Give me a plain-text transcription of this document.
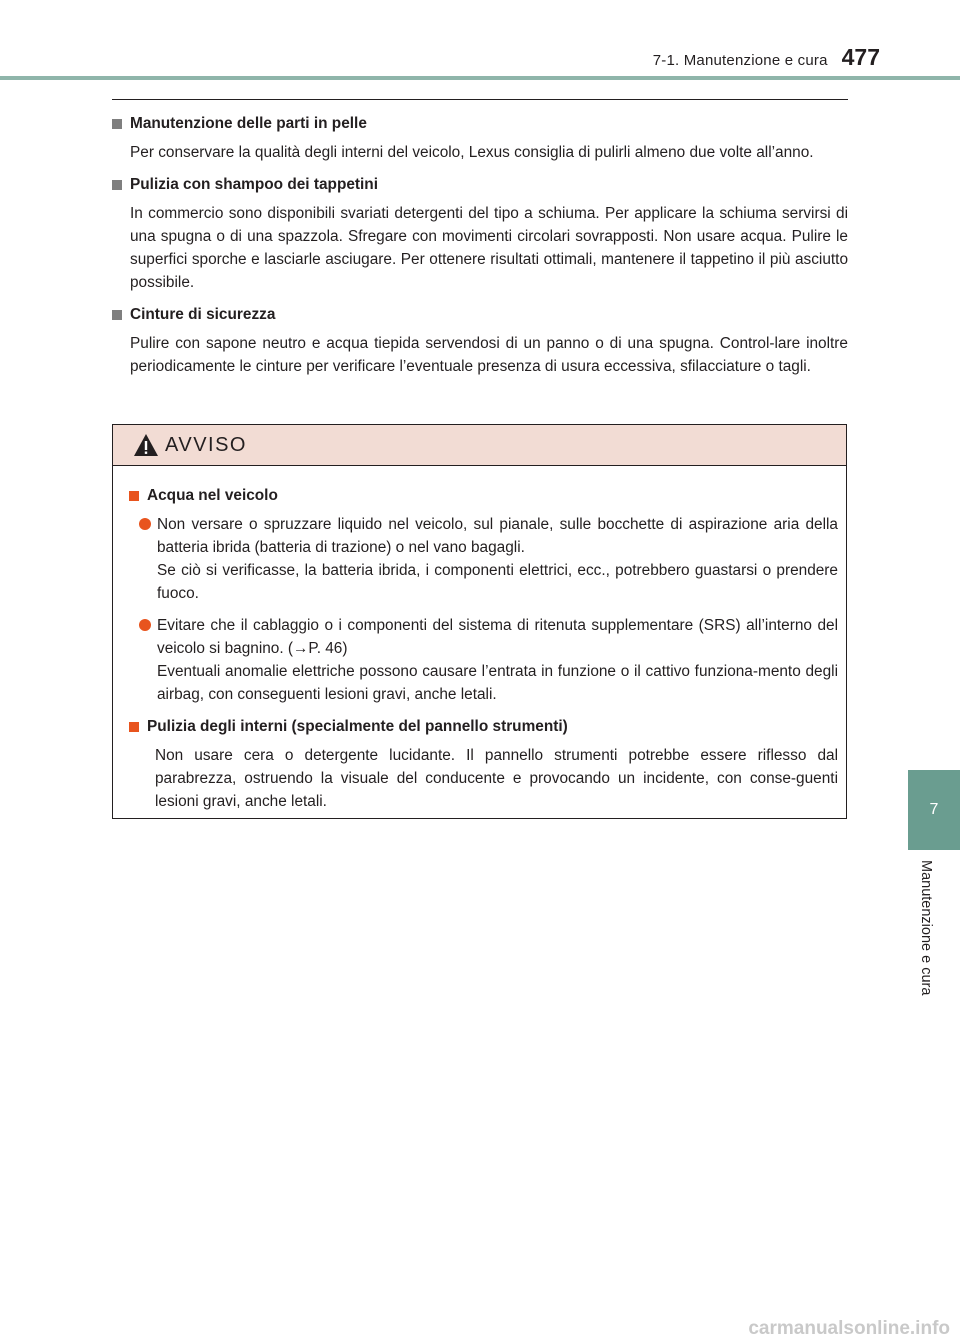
7-1. Manutenzione e cura 477
Manutenzione delle parti in pelle

Per conservare la qualità degli interni del veicolo, Lexus consiglia di pulirli almeno due volte all’anno.

Pulizia con shampoo dei tappetini

In commercio sono disponibili svariati detergenti del tipo a schiuma. Per applicare la schiuma servirsi di una spugna o di una spazzola. Sfregare con movimenti circolari sovrapposti. Non usare acqua. Pulire le superfici sporche e lasciarle asciugare. Per ottenere risultati ottimali, mantenere il tappetino il più asciutto possibile.

Cinture di sicurezza

Pulire con sapone neutro e acqua tiepida servendosi di un panno o di una spugna. Control-lare inoltre periodicamente le cinture per verificare l’eventuale presenza di usura eccessiva, sfilacciature o tagli.

AVVISO
Acqua nel veicolo
Non versare o spruzzare liquido nel veicolo, sul pianale, sulle bocchette di aspirazione aria della batteria ibrida (batteria di trazione) o nel vano bagagli.
Se ciò si verificasse, la batteria ibrida, i componenti elettrici, ecc., potrebbero guastarsi o prendere fuoco.
Evitare che il cablaggio o i componenti del sistema di ritenuta supplementare (SRS) all’interno del veicolo si bagnino. (→P. 46)
Eventuali anomalie elettriche possono causare l’entrata in funzione o il cattivo funziona-mento degli airbag, con conseguenti lesioni gravi, anche letali.
Pulizia degli interni (specialmente del pannello strumenti)

Non usare cera o detergente lucidante. Il pannello strumenti potrebbe essere riflesso dal parabrezza, ostruendo la visuale del conducente e provocando un incidente, con conse-guenti lesioni gravi, anche letali.	7
Manutenzione e cura
carmanualsonline.info
